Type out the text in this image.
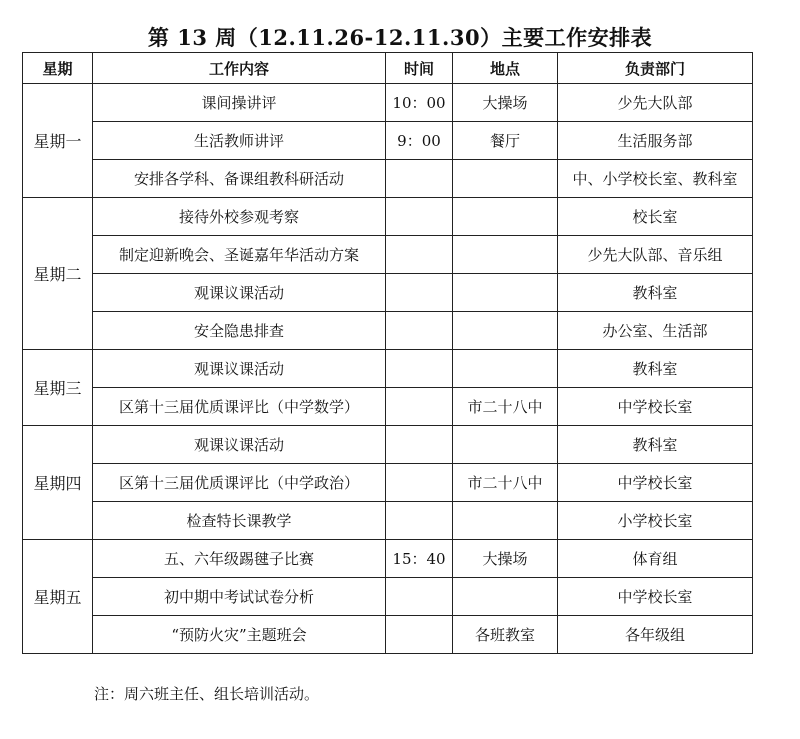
第 13 周（12.11.26-12.11.30）主要工作安排表
星期	工作内容	时间	地点	负责部门
星期一	课间操讲评	10：00	大操场	少先大队部
	生活教师讲评	9：00	餐厅	生活服务部
	安排各学科、备课组教科研活动			中、小学校长室、教科室
星期二	接待外校参观考察			校长室
	制定迎新晚会、圣诞嘉年华活动方案			少先大队部、音乐组
	观课议课活动			教科室
	安全隐患排查			办公室、生活部
星期三	观课议课活动			教科室
	区第十三届优质课评比（中学数学）		市二十八中	中学校长室
星期四	观课议课活动			教科室
	区第十三届优质课评比（中学政治）		市二十八中	中学校长室
	检查特长课教学			小学校长室
星期五	五、六年级踢毽子比赛	15：40	大操场	体育组
	初中期中考试试卷分析			中学校长室
	“预防火灾”主题班会		各班教室	各年级组
注：周六班主任、组长培训活动。
